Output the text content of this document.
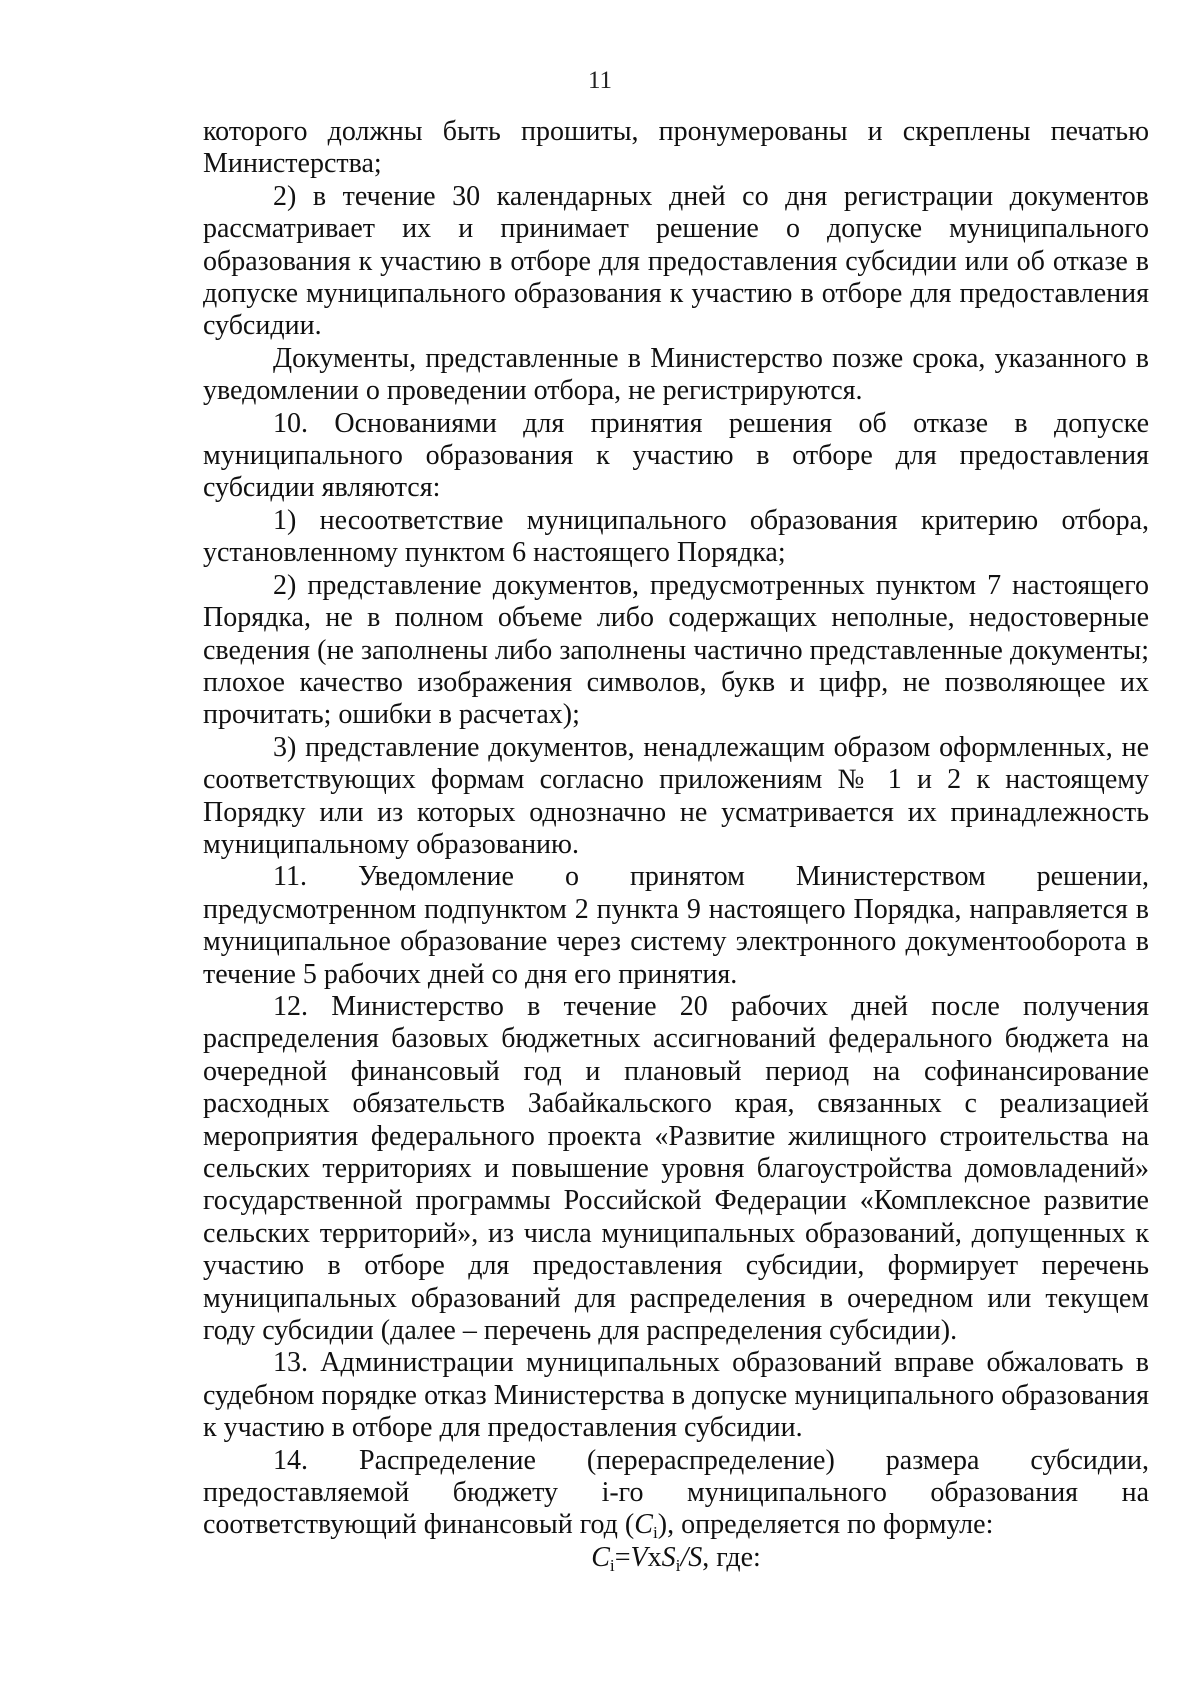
11

которого должны быть прошиты, пронумерованы и скреплены печатью Министерства;

2) в течение 30 календарных дней со дня регистрации документов рассматривает их и принимает решение о допуске муниципального образования к участию в отборе для предоставления субсидии или об отказе в допуске муниципального образования к участию в отборе для предоставления субсидии.

Документы, представленные в Министерство позже срока, указанного в уведомлении о проведении отбора, не регистрируются.

10. Основаниями для принятия решения об отказе в допуске муниципального образования к участию в отборе для предоставления субсидии являются:

1) несоответствие муниципального образования критерию отбора, установленному пунктом 6 настоящего Порядка;

2) представление документов, предусмотренных пунктом 7 настоящего Порядка, не в полном объеме либо содержащих неполные, недостоверные сведения (не заполнены либо заполнены частично представленные документы; плохое качество изображения символов, букв и цифр, не позволяющее их прочитать; ошибки в расчетах);

3) представление документов, ненадлежащим образом оформленных, не соответствующих формам согласно приложениям № 1 и 2 к настоящему Порядку или из которых однозначно не усматривается их принадлежность муниципальному образованию.

11. Уведомление о принятом Министерством решении, предусмотренном подпунктом 2 пункта 9 настоящего Порядка, направляется в муниципальное образование через систему электронного документооборота в течение 5 рабочих дней со дня его принятия.

12. Министерство в течение 20 рабочих дней после получения распределения базовых бюджетных ассигнований федерального бюджета на очередной финансовый год и плановый период на софинансирование расходных обязательств Забайкальского края, связанных с реализацией мероприятия федерального проекта «Развитие жилищного строительства на сельских территориях и повышение уровня благоустройства домовладений» государственной программы Российской Федерации «Комплексное развитие сельских территорий», из числа муниципальных образований, допущенных к участию в отборе для предоставления субсидии, формирует перечень муниципальных образований для распределения в очередном или текущем году субсидии (далее – перечень для распределения субсидии).

13. Администрации муниципальных образований вправе обжаловать в судебном порядке отказ Министерства в допуске муниципального образования к участию в отборе для предоставления субсидии.

14. Распределение (перераспределение) размера субсидии, предоставляемой бюджету i-го муниципального образования на соответствующий финансовый год $(C_i)$, определяется по формуле:

$C_i=VxS_i/S$, где:
